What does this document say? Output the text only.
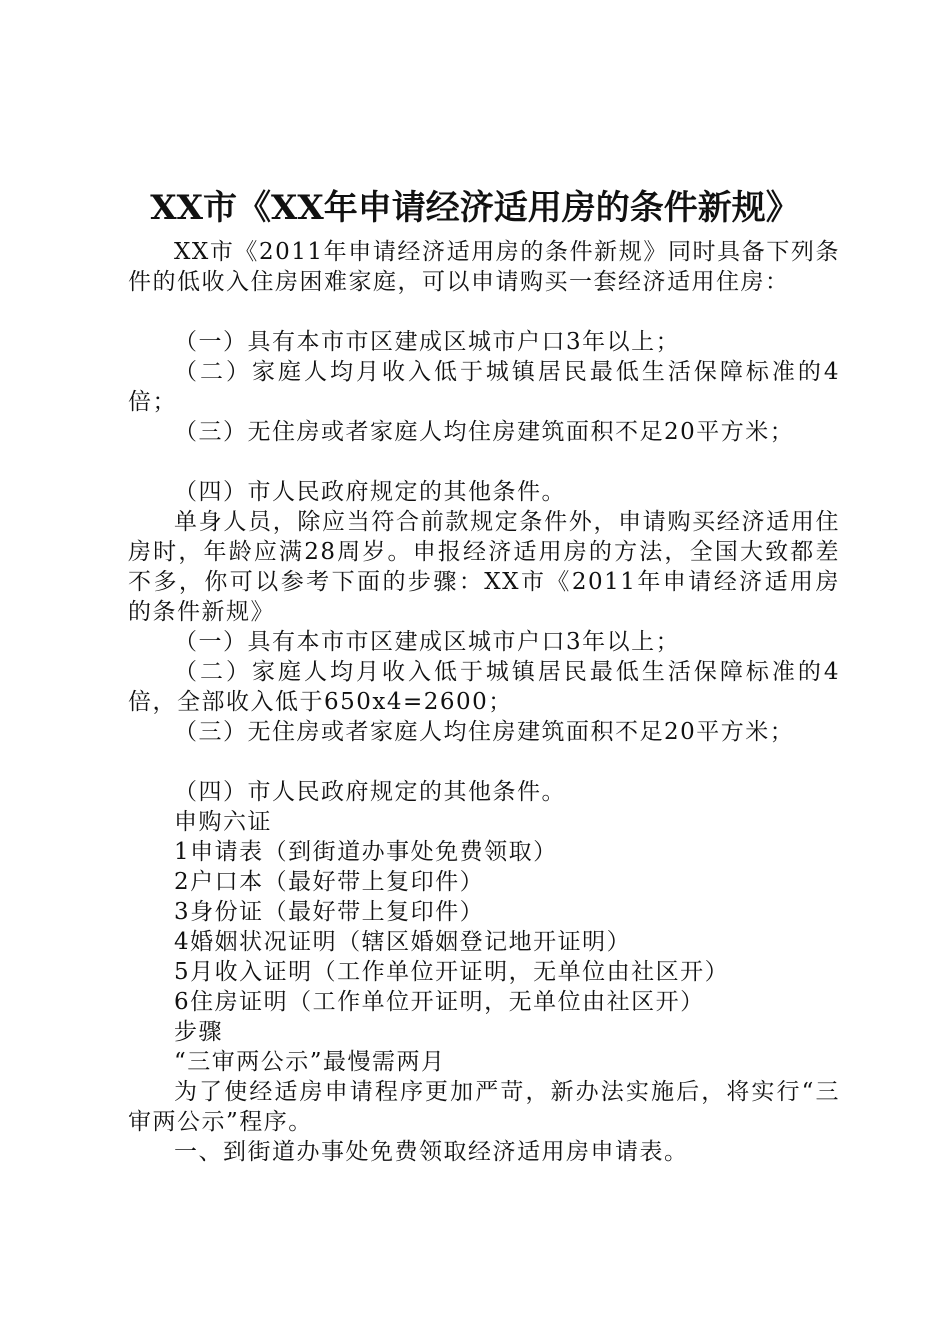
XX市《XX年申请经济适用房的条件新规》

XX市《2011年申请经济适用房的条件新规》同时具备下列条件的低收入住房困难家庭，可以申请购买一套经济适用住房：

（一）具有本市市区建成区城市户口3年以上；

（二）家庭人均月收入低于城镇居民最低生活保障标准的4倍；

（三）无住房或者家庭人均住房建筑面积不足20平方米；

（四）市人民政府规定的其他条件。

单身人员，除应当符合前款规定条件外，申请购买经济适用住房时，年龄应满28周岁。申报经济适用房的方法，全国大致都差不多，你可以参考下面的步骤：XX市《2011年申请经济适用房的条件新规》

（一）具有本市市区建成区城市户口3年以上；

（二）家庭人均月收入低于城镇居民最低生活保障标准的4倍，全部收入低于650x4=2600；

（三）无住房或者家庭人均住房建筑面积不足20平方米；

（四）市人民政府规定的其他条件。

申购六证

1申请表（到街道办事处免费领取）

2户口本（最好带上复印件）

3身份证（最好带上复印件）

4婚姻状况证明（辖区婚姻登记地开证明）

5月收入证明（工作单位开证明，无单位由社区开）

6住房证明（工作单位开证明，无单位由社区开）

步骤

“三审两公示”最慢需两月

为了使经适房申请程序更加严苛，新办法实施后，将实行“三审两公示”程序。

一、到街道办事处免费领取经济适用房申请表。
